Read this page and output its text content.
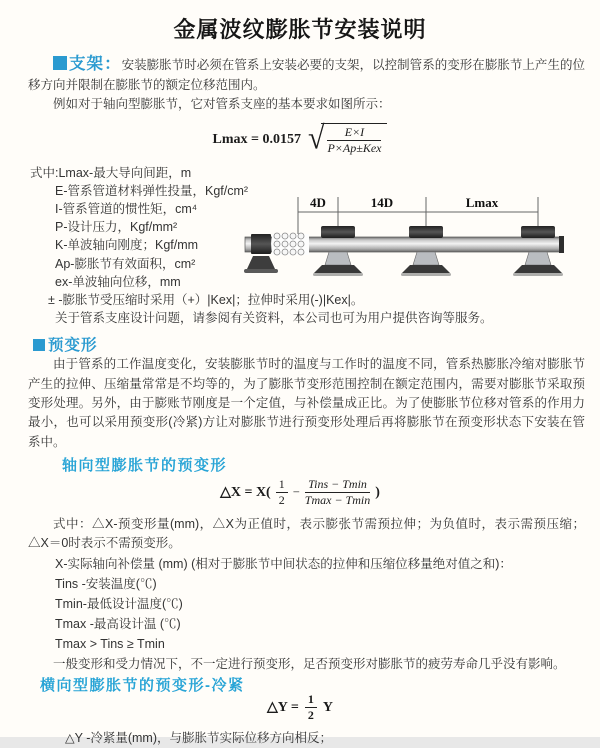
金属波纹膨胀节安装说明
支架：安装膨胀节时必须在管系上安装必要的支架，以控制管系的变形在膨胀节上产生的位移方向并限制在膨胀节的额定位移范围内。
例如对于轴向型膨胀节，它对管系支座的基本要求如图所示：
Lmax = 0.0157 √ $\frac{E\times I}{\text{P×Ap±Kex}}$
式中:Lmax-最大导向间距，m
E-管系管道材料弹性投量，Kgf/cm²
I-管系管道的惯性矩，cm⁴
P-设计压力，Kgf/mm²
K-单波轴向刚度；Kgf/mm
Ap-膨胀节有效面积，cm²
ex-单波轴向位移，mm
± -膨胀节受压缩时采用（+）|Kex|；拉伸时采用(-)|Kex|。
关于管系支座设计问题，请参阅有关资料，本公司也可为用户提供咨询等服务。
4D	14D	Lmax
预变形
由于管系的工作温度变化，安装膨胀节时的温度与工作时的温度不同，管系热膨胀冷缩对膨胀节产生的拉伸、压缩量常常是不均等的，为了膨胀节变形范围控制在额定范围内，需要对膨胀节采取预变形处理。另外，由于膨账节刚度是一个定值，与补偿量成正比。为了使膨胀节位移对管系的作用力最小，也可以采用预变形(冷紧)方让对膨胀节进行预变形处理后再将膨胀节在预变形状态下安装在管系中。
轴向型膨胀节的预变形
△X = $X( \frac{1}{2} - \frac{\text{Tins − Tmin}}{Tmax - Tmin}$ )
式中：△X-预变形量(mm)，△X为正值时，表示膨张节需预拉伸；为负值时，表示需预压缩；△X＝0时表示不需预变形。
X-实际轴向补偿量 (mm) (相对于膨胀节中间状态的拉伸和压缩位移量绝对值之和)：
Tins -安装温度(℃)
Tmin-最低设计温度(℃)
Tmax -最高设计温 (℃)
Tmax > Tins ≥ Tmin
一般变形和受力情况下，不一定进行预变形，足否预变形对膨胀节的疲劳寿命几乎没有影响。
横向型膨胀节的预变形-冷紧
△Y = $\frac{1}{2}$ Y
△Y -冷紧量(mm)，与膨胀节实际位移方向相反；
